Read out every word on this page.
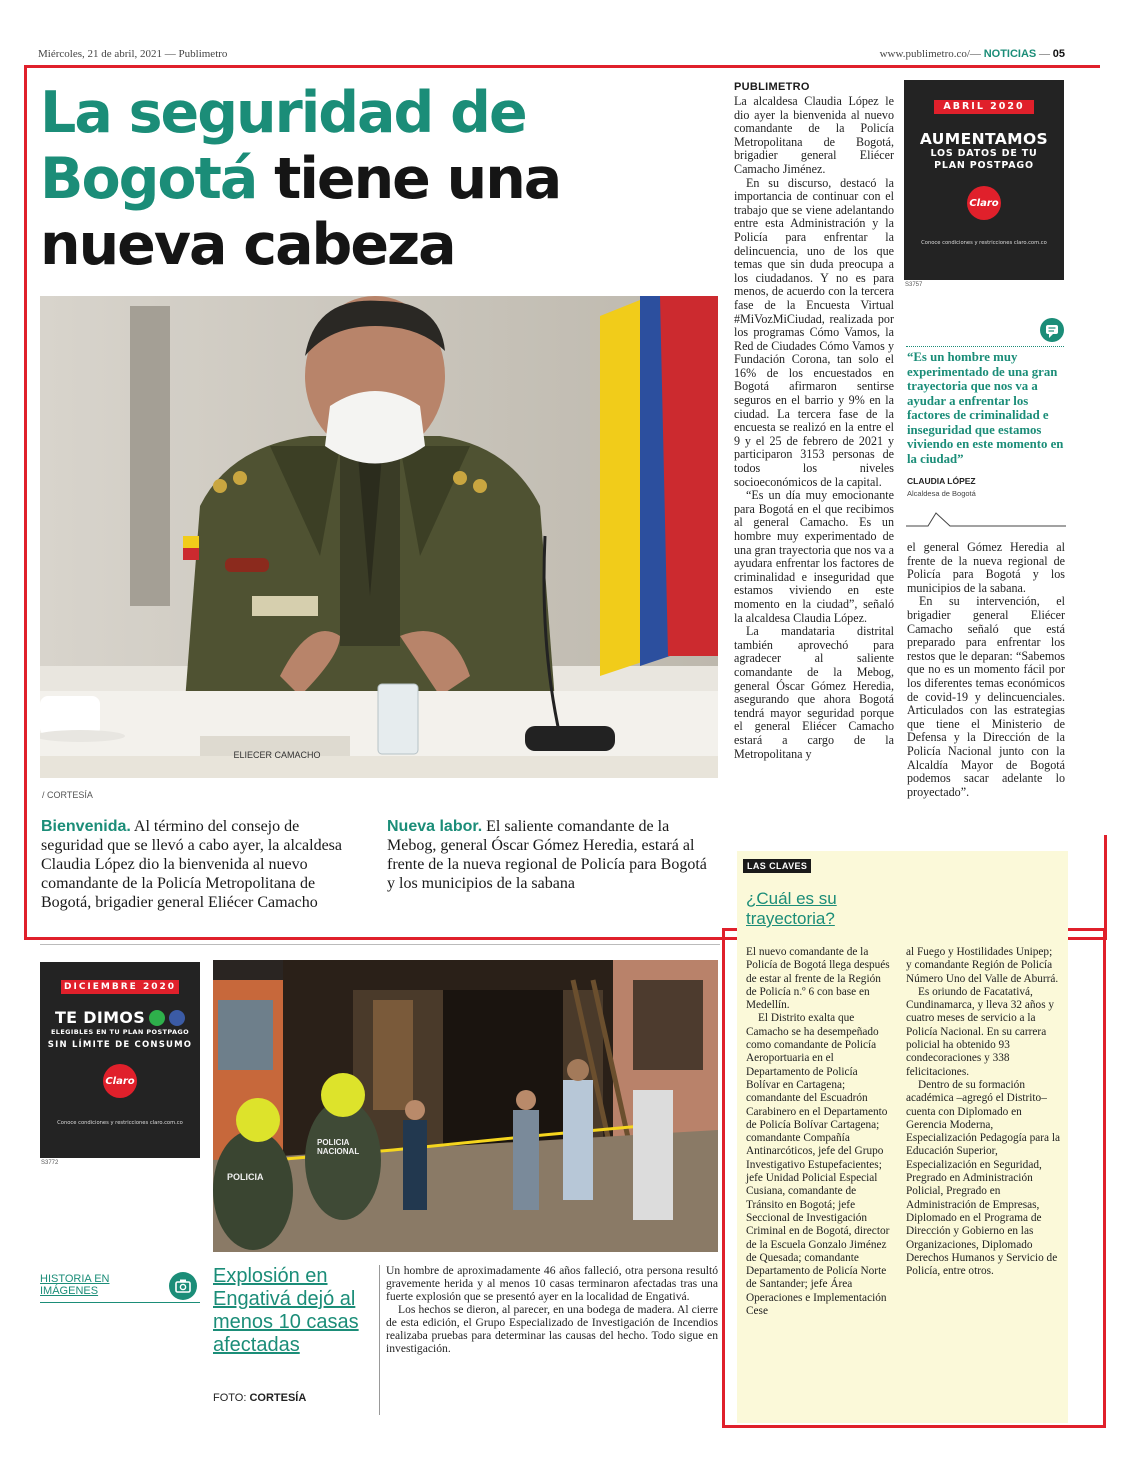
Miércoles, 21 de abril, 2021 — Publimetro	www.publimetro.co/— NOTICIAS — 05
La seguridad de
Bogotá tiene una
nueva cabeza
ELIECER CAMACHO
/ CORTESÍA
Bienvenida. Al término del consejo de seguridad que se llevó a cabo ayer, la alcaldesa Claudia López dio la bienvenida al nuevo comandante de la Policía Metropolitana de Bogotá, brigadier general Eliécer Camacho
Nueva labor. El saliente comandante de la Mebog, general Óscar Gómez Heredia, estará al frente de la nueva regional de Policía para Bogotá y los municipios de la sabana
PUBLIMETRO

La alcaldesa Claudia López le dio ayer la bienvenida al nuevo comandante de la Policía Metropolitana de Bogotá, brigadier general Eliécer Camacho Jiménez.

En su discurso, destacó la importancia de continuar con el trabajo que se viene adelantando entre esta Administración y la Policía para enfrentar la delincuencia, uno de los que temas que sin duda preocupa a los ciudadanos. Y no es para menos, de acuerdo con la tercera fase de la Encuesta Virtual #MiVozMiCiudad, realizada por los programas Cómo Vamos, la Red de Ciudades Cómo Vamos y Fundación Corona, tan solo el 16% de los encuestados en Bogotá afirmaron sentirse seguros en el barrio y 9% en la ciudad. La tercera fase de la encuesta se realizó en la entre el 9 y el 25 de febrero de 2021 y participaron 3153 personas de todos los niveles socioeconómicos de la capital.

“Es un día muy emocionante para Bogotá en el que recibimos al general Camacho. Es un hombre muy experimentado de una gran trayectoria que nos va a ayudara enfrentar los factores de criminalidad e inseguridad que estamos viviendo en este momento en la ciudad”, señaló la alcaldesa Claudia López.

La mandataria distrital también aprovechó para agradecer al saliente comandante de la Mebog, general Óscar Gómez Heredia, asegurando que ahora Bogotá tendrá mayor seguridad porque el general Eliécer Camacho estará a cargo de la Metropolitana y

ABRIL 2020
AUMENTAMOS
LOS DATOS DE TU
PLAN POSTPAGO
Claro
Conoce condiciones y restricciones claro.com.co
S3757
“Es un hombre muy experimentado de una gran trayectoria que nos va a ayudar a enfrentar los factores de criminalidad e inseguridad que estamos viviendo en este momento en la ciudad”
CLAUDIA LÓPEZ
Alcaldesa de Bogotá

el general Gómez Heredia al frente de la nueva regional de Policía para Bogotá y los municipios de la sabana.

En su intervención, el brigadier general Eliécer Camacho señaló que está preparado para enfrentar los restos que le deparan: “Sabemos que no es un momento fácil por los diferentes temas económicos de covid-19 y delincuenciales. Articulados con las estrategias que tiene el Ministerio de Defensa y la Dirección de la Policía Nacional junto con la Alcaldía Mayor de Bogotá podemos sacar adelante lo proyectado”.

LAS CLAVES
¿Cuál es su trayectoria?

El nuevo comandante de la Policía de Bogotá llega después de estar al frente de la Región de Policía n.º 6 con base en Medellín.

El Distrito exalta que Camacho se ha desempeñado como comandante de Policía Aeroportuaria en el Departamento de Policía Bolívar en Cartagena; comandante del Escuadrón Carabinero en el Departamento de Policía Bolívar Cartagena; comandante Compañía Antinarcóticos, jefe del Grupo Investigativo Estupefacientes; jefe Unidad Policial Especial Cusiana, comandante de Tránsito en Bogotá; jefe Seccional de Investigación Criminal en de Bogotá, director de la Escuela Gonzalo Jiménez de Quesada; comandante Departamento de Policía Norte de Santander; jefe Área Operaciones e Implementación Cese

al Fuego y Hostilidades Unipep; y comandante Región de Policía Número Uno del Valle de Aburrá.

Es oriundo de Facatativá, Cundinamarca, y lleva 32 años y cuatro meses de servicio a la Policía Nacional. En su carrera policial ha obtenido 93 condecoraciones y 338 felicitaciones.

Dentro de su formación académica –agregó el Distrito– cuenta con Diplomado en Gerencia Moderna, Especialización Pedagogía para la Educación Superior, Especialización en Seguridad, Pregrado en Administración Policial, Pregrado en Administración de Empresas, Diplomado en el Programa de Dirección y Gobierno en las Organizaciones, Diplomado Derechos Humanos y Servicio de Policía, entre otros.

DICIEMBRE 2020
TE DIMOS
ELEGIBLES EN TU PLAN POSTPAGO
SIN LÍMITE DE CONSUMO
Claro
Conoce condiciones y restricciones claro.com.co
S3772
POLICIA
POLICIA NACIONAL
HISTORIA EN IMÁGENES
Explosión en Engativá dejó al menos 10 casas afectadas
FOTO: CORTESÍA

Un hombre de aproximadamente 46 años falleció, otra persona resultó gravemente herida y al menos 10 casas terminaron afectadas tras una fuerte explosión que se presentó ayer en la localidad de Engativá.

Los hechos se dieron, al parecer, en una bodega de madera. Al cierre de esta edición, el Grupo Especializado de Investigación de Incendios realizaba pruebas para determinar las causas del hecho. Todo sigue en investigación.
